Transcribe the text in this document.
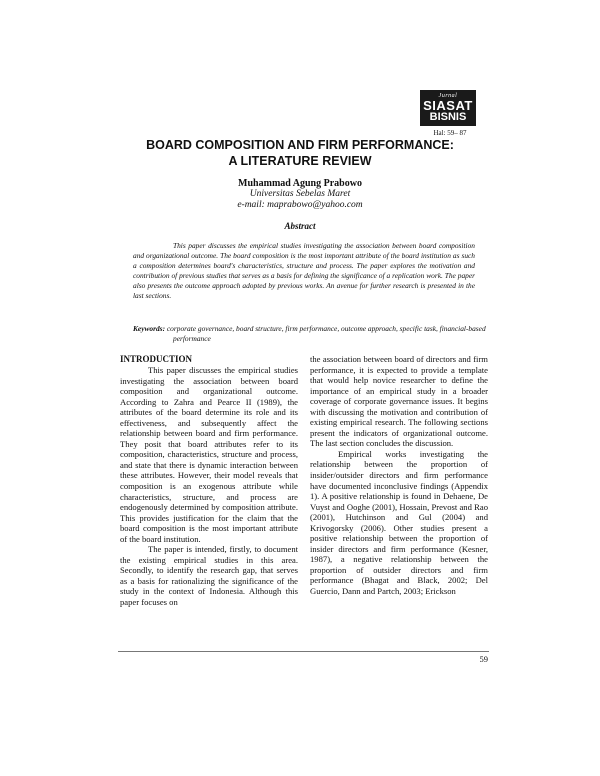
Jurnal
SIASAT
BISNIS
Hal: 59– 87
BOARD COMPOSITION AND FIRM PERFORMANCE:
A LITERATURE REVIEW
Muhammad Agung Prabowo
Universitas Sebelas Maret
e-mail: maprabowo@yahoo.com
Abstract

This paper discusses the empirical studies investigating the association between board composition and organizational outcome. The board composition is the most important attribute of the board institution as such a composition determines board's characteristics, structure and process. The paper explores the motivation and contribution of previous studies that serves as a basis for defining the significance of a replication work. The paper also presents the outcome approach adopted by previous works. An avenue for further research is presented in the last sections.

Keywords: corporate governance, board structure, firm performance, outcome approach, specific task, financial-based performance

INTRODUCTION

This paper discusses the empirical studies investigating the association between board composition and organizational outcome. According to Zahra and Pearce II (1989), the attributes of the board determine its role and its effectiveness, and subsequently affect the relationship between board and firm performance. They posit that board attributes refer to its composition, characteristics, structure and process, and state that there is dynamic interaction between these attributes. However, their model reveals that composition is an exogenous attribute while characteristics, structure, and process are endogenously determined by composition attribute. This provides justification for the claim that the board composition is the most important attribute of the board institution.

The paper is intended, firstly, to document the existing empirical studies in this area. Secondly, to identify the research gap, that serves as a basis for rationalizing the significance of the study in the context of Indonesia. Although this paper focuses on

the association between board of directors and firm performance, it is expected to provide a template that would help novice researcher to define the importance of an empirical study in a broader coverage of corporate governance issues. It begins with discussing the motivation and contribution of existing empirical research. The following sections present the indicators of organizational outcome. The last section concludes the discussion.

Empirical works investigating the relationship between the proportion of insider/outsider directors and firm performance have documented inconclusive findings (Appendix 1). A positive relationship is found in Dehaene, De Vuyst and Ooghe (2001), Hossain, Prevost and Rao (2001), Hutchinson and Gul (2004) and Krivogorsky (2006). Other studies present a positive relationship between the proportion of insider directors and firm performance (Kesner, 1987), a negative relationship between the proportion of outsider directors and firm performance (Bhagat and Black, 2002; Del Guercio, Dann and Partch, 2003; Erickson

59
